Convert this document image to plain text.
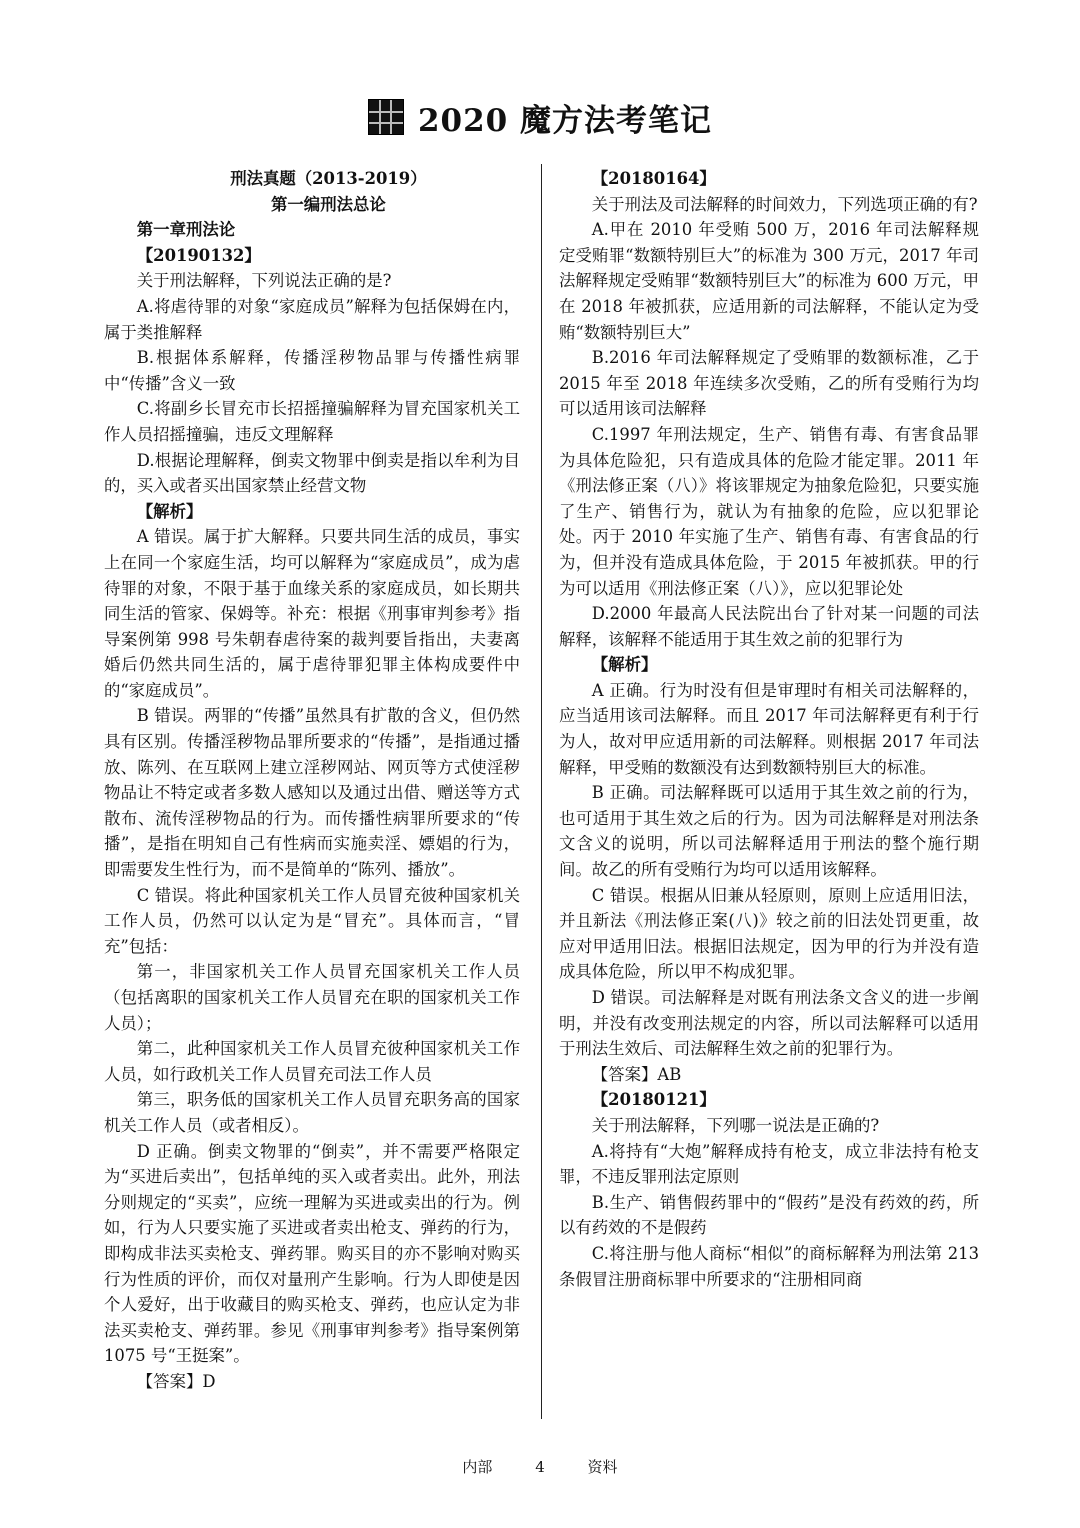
2020 魔方法考笔记

刑法真题（2013-2019）

第一编刑法总论

第一章刑法论

【20190132】

关于刑法解释，下列说法正确的是?

A.将虐待罪的对象“家庭成员”解释为包括保姆在内，属于类推解释

B.根据体系解释，传播淫秽物品罪与传播性病罪中“传播”含义一致

C.将副乡长冒充市长招摇撞骗解释为冒充国家机关工作人员招摇撞骗，违反文理解释

D.根据论理解释，倒卖文物罪中倒卖是指以牟利为目的，买入或者买出国家禁止经营文物

【解析】

A 错误。属于扩大解释。只要共同生活的成员，事实上在同一个家庭生活，均可以解释为“家庭成员”，成为虐待罪的对象，不限于基于血缘关系的家庭成员，如长期共同生活的管家、保姆等。补充：根据《刑事审判参考》指导案例第 998 号朱朝春虐待案的裁判要旨指出，夫妻离婚后仍然共同生活的，属于虐待罪犯罪主体构成要件中的“家庭成员”。

B 错误。两罪的“传播”虽然具有扩散的含义，但仍然具有区别。传播淫秽物品罪所要求的“传播”，是指通过播放、陈列、在互联网上建立淫秽网站、网页等方式使淫秽物品让不特定或者多数人感知以及通过出借、赠送等方式散布、流传淫秽物品的行为。而传播性病罪所要求的“传播”，是指在明知自己有性病而实施卖淫、嫖娼的行为，即需要发生性行为，而不是简单的“陈列、播放”。

C 错误。将此种国家机关工作人员冒充彼种国家机关工作人员，仍然可以认定为是“冒充”。具体而言，“冒充”包括：

第一，非国家机关工作人员冒充国家机关工作人员（包括离职的国家机关工作人员冒充在职的国家机关工作人员）；

第二，此种国家机关工作人员冒充彼种国家机关工作人员，如行政机关工作人员冒充司法工作人员

第三，职务低的国家机关工作人员冒充职务高的国家机关工作人员（或者相反）。

D 正确。倒卖文物罪的“倒卖”，并不需要严格限定为“买进后卖出”，包括单纯的买入或者卖出。此外，刑法分则规定的“买卖”，应统一理解为买进或卖出的行为。例如，行为人只要实施了买进或者卖出枪支、弹药的行为，即构成非法买卖枪支、弹药罪。购买目的亦不影响对购买行为性质的评价，而仅对量刑产生影响。行为人即使是因个人爱好，出于收藏目的购买枪支、弹药，也应认定为非法买卖枪支、弹药罪。参见《刑事审判参考》指导案例第 1075 号“王挺案”。

【答案】D

【20180164】

关于刑法及司法解释的时间效力，下列选项正确的有?

A.甲在 2010 年受贿 500 万，2016 年司法解释规定受贿罪“数额特别巨大”的标准为 300 万元，2017 年司法解释规定受贿罪“数额特别巨大”的标准为 600 万元，甲在 2018 年被抓获，应适用新的司法解释，不能认定为受贿“数额特别巨大”

B.2016 年司法解释规定了受贿罪的数额标准，乙于 2015 年至 2018 年连续多次受贿，乙的所有受贿行为均可以适用该司法解释

C.1997 年刑法规定，生产、销售有毒、有害食品罪为具体危险犯，只有造成具体的危险才能定罪。2011 年《刑法修正案（八）》将该罪规定为抽象危险犯，只要实施了生产、销售行为，就认为有抽象的危险，应以犯罪论处。丙于 2010 年实施了生产、销售有毒、有害食品的行为，但并没有造成具体危险，于 2015 年被抓获。甲的行为可以适用《刑法修正案（八）》，应以犯罪论处

D.2000 年最高人民法院出台了针对某一问题的司法解释，该解释不能适用于其生效之前的犯罪行为

【解析】

A 正确。行为时没有但是审理时有相关司法解释的，应当适用该司法解释。而且 2017 年司法解释更有利于行为人，故对甲应适用新的司法解释。则根据 2017 年司法解释，甲受贿的数额没有达到数额特别巨大的标准。

B 正确。司法解释既可以适用于其生效之前的行为，也可适用于其生效之后的行为。因为司法解释是对刑法条文含义的说明，所以司法解释适用于刑法的整个施行期间。故乙的所有受贿行为均可以适用该解释。

C 错误。根据从旧兼从轻原则，原则上应适用旧法，并且新法《刑法修正案(八)》较之前的旧法处罚更重，故应对甲适用旧法。根据旧法规定，因为甲的行为并没有造成具体危险，所以甲不构成犯罪。

D 错误。司法解释是对既有刑法条文含义的进一步阐明，并没有改变刑法规定的内容，所以司法解释可以适用于刑法生效后、司法解释生效之前的犯罪行为。

【答案】AB

【20180121】

关于刑法解释，下列哪一说法是正确的?

A.将持有“大炮”解释成持有枪支，成立非法持有枪支罪，不违反罪刑法定原则

B.生产、销售假药罪中的“假药”是没有药效的药，所以有药效的不是假药

C.将注册与他人商标“相似”的商标解释为刑法第 213 条假冒注册商标罪中所要求的“注册相同商

内部	4	资料
